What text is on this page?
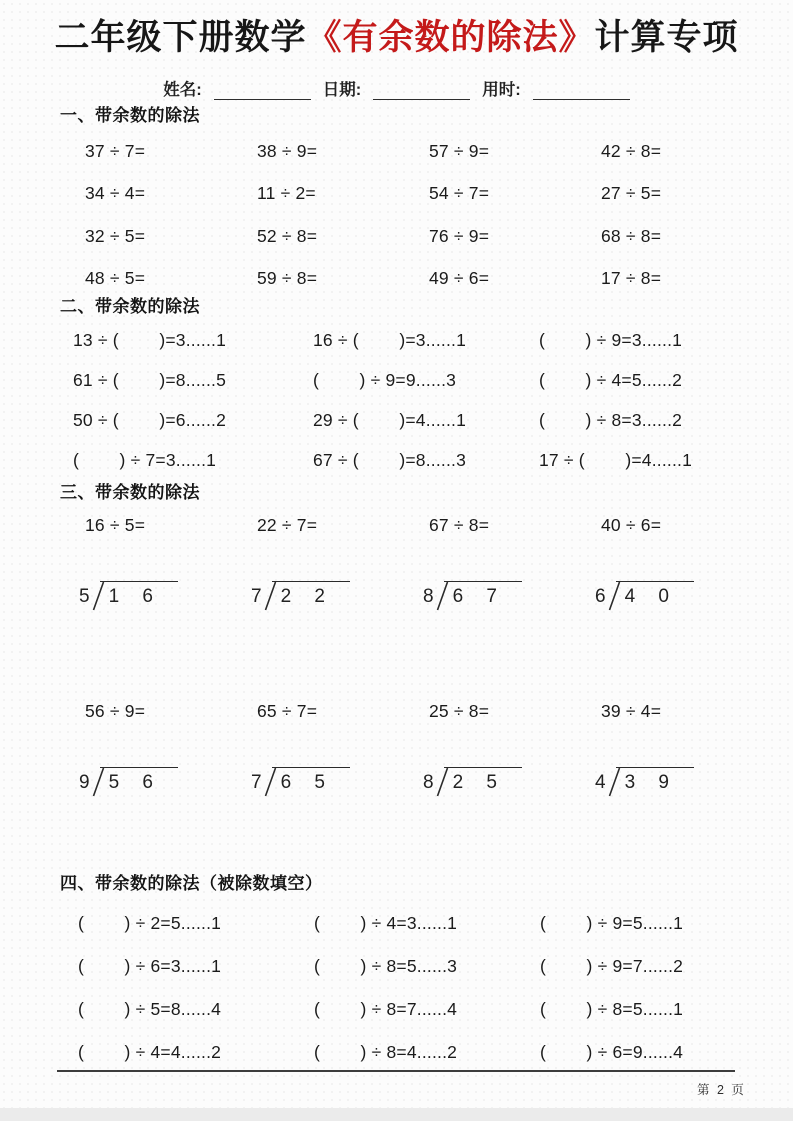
二年级下册数学《有余数的除法》计算专项
姓名:	日期:	用时:
一、带余数的除法
37 ÷ 7=	38 ÷ 9=	57 ÷ 9=	42 ÷ 8=
34 ÷ 4=	11 ÷ 2=	54 ÷ 7=	27 ÷ 5=
32 ÷ 5=	52 ÷ 8=	76 ÷ 9=	68 ÷ 8=
48 ÷ 5=	59 ÷ 8=	49 ÷ 6=	17 ÷ 8=
二、带余数的除法
13 ÷ (        )=3......1	16 ÷ (        )=3......1	(        ) ÷ 9=3......1
61 ÷ (        )=8......5	(        ) ÷ 9=9......3	(        ) ÷ 4=5......2
50 ÷ (        )=6......2	29 ÷ (        )=4......1	(        ) ÷ 8=3......2
(        ) ÷ 7=3......1	67 ÷ (        )=8......3	17 ÷ (        )=4......1
三、带余数的除法
16 ÷ 5=	22 ÷ 7=	67 ÷ 8=	40 ÷ 6=
5	1 6	7	2 2	8	6 7	6	4 0
56 ÷ 9=	65 ÷ 7=	25 ÷ 8=	39 ÷ 4=
9	5 6	7	6 5	8	2 5	4	3 9
四、带余数的除法（被除数填空）
(        ) ÷ 2=5......1	(        ) ÷ 4=3......1	(        ) ÷ 9=5......1
(        ) ÷ 6=3......1	(        ) ÷ 8=5......3	(        ) ÷ 9=7......2
(        ) ÷ 5=8......4	(        ) ÷ 8=7......4	(        ) ÷ 8=5......1
(        ) ÷ 4=4......2	(        ) ÷ 8=4......2	(        ) ÷ 6=9......4
第 2 页
